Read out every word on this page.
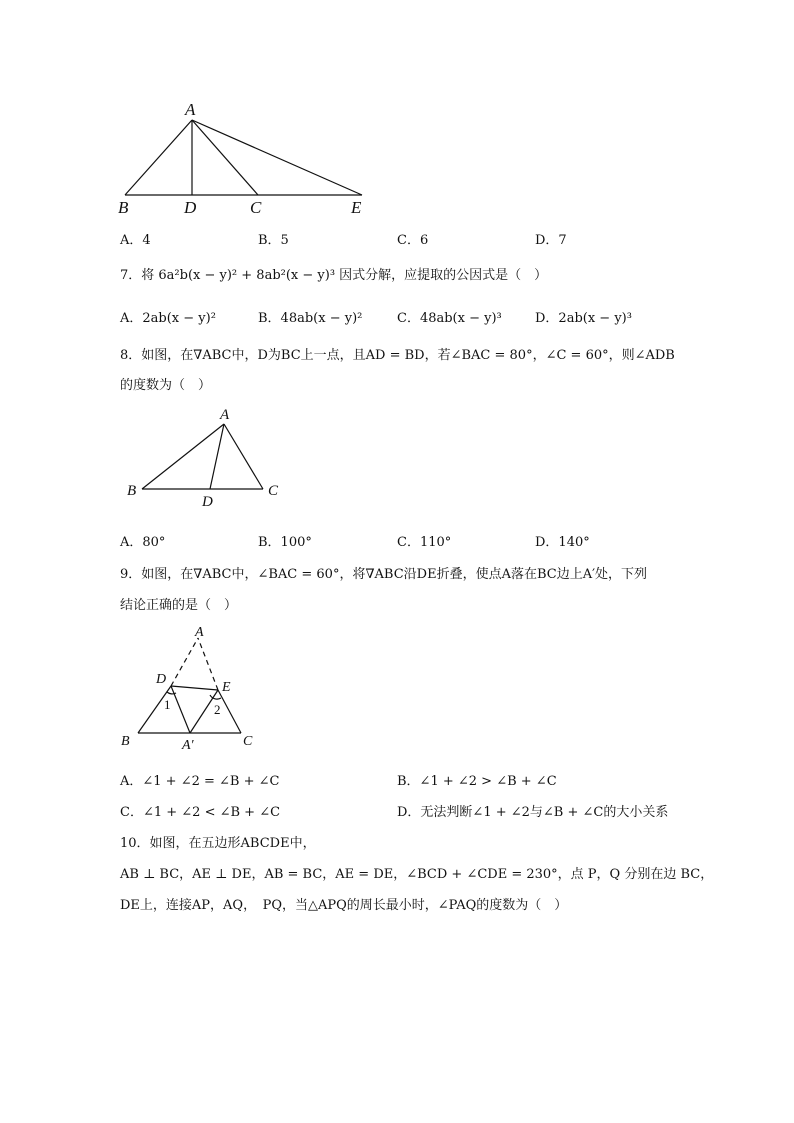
A
B	D	C	E
A．4	B．5	C．6	D．7
7．将 6a²b(x − y)² + 8ab²(x − y)³ 因式分解，应提取的公因式是（　）
A．2ab(x − y)²	B．48ab(x − y)²	C．48ab(x − y)³	D．2ab(x − y)³
8．如图，在∇ABC中，D为BC上一点，且AD = BD，若∠BAC = 80°，∠C = 60°，则∠ADB
的度数为（　）
A
B	C
D
A．80°	B．100°	C．110°	D．140°
9．如图，在∇ABC中，∠BAC = 60°，将∇ABC沿DE折叠，使点A落在BC边上A′处，下列
结论正确的是（　）
A
D
E
B	C
A′
1	2
A．∠1 + ∠2 = ∠B + ∠C	B．∠1 + ∠2 > ∠B + ∠C
C．∠1 + ∠2 < ∠B + ∠C	D．无法判断∠1 + ∠2与∠B + ∠C的大小关系
10．如图，在五边形ABCDE中，
AB ⊥ BC，AE ⊥ DE，AB = BC，AE = DE，∠BCD + ∠CDE = 230°，点 P，Q 分别在边 BC，
DE上，连接AP，AQ，　PQ，当△APQ的周长最小时，∠PAQ的度数为（　）
